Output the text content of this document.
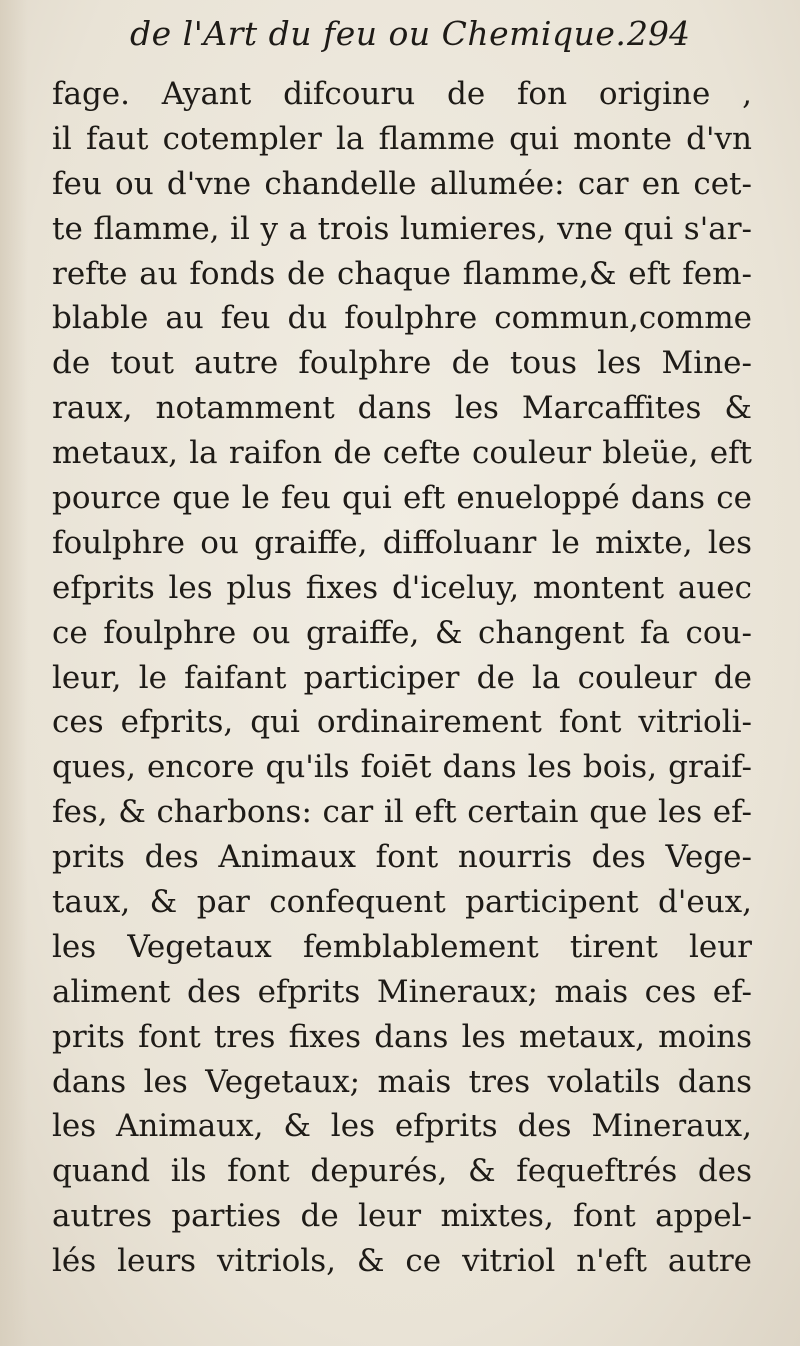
de l'Art du feu ou Chemique. 294
fage. Ayant difcouru de fon origine ,
il faut cotempler la flamme qui monte d'vn
feu ou d'vne chandelle allumée: car en cet-
te flamme, il y a trois lumieres, vne qui s'ar-
refte au fonds de chaque flamme,& eft fem-
blable au feu du foulphre commun,comme
de tout autre foulphre de tous les Mine-
raux, notamment dans les Marcaffites &
metaux, la raifon de cefte couleur bleüe, eft
pource que le feu qui eft enueloppé dans ce
foulphre ou graiffe, diffoluanr le mixte, les
efprits les plus fixes d'iceluy, montent auec
ce foulphre ou graiffe, & changent fa cou-
leur, le faifant participer de la couleur de
ces efprits, qui ordinairement font vitrioli-
ques, encore qu'ils foiēt dans les bois, graif-
fes, & charbons: car il eft certain que les ef-
prits des Animaux font nourris des Vege-
taux, & par confequent participent d'eux,
les Vegetaux femblablement tirent leur
aliment des efprits Mineraux; mais ces ef-
prits font tres fixes dans les metaux, moins
dans les Vegetaux; mais tres volatils dans
les Animaux, & les efprits des Mineraux,
quand ils font depurés, & fequeftrés des
autres parties de leur mixtes, font appel-
lés leurs vitriols, & ce vitriol n'eft autre
